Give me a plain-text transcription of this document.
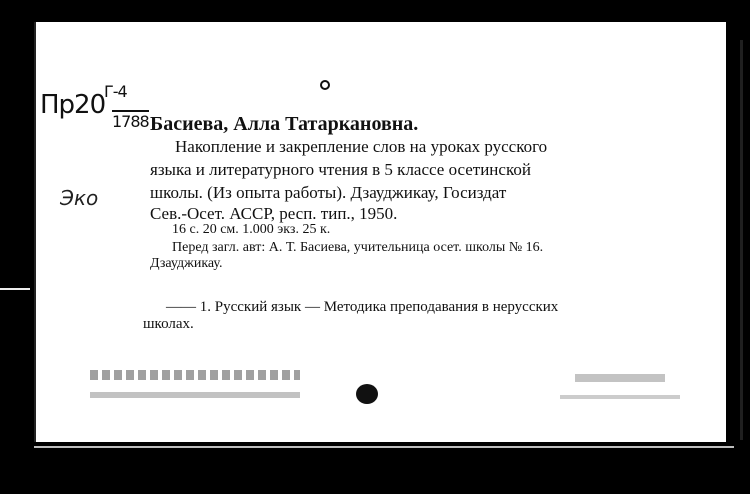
Пр20
Г-4
1788
Эко
Басиева, Алла Татаркановна.
Накопление и закрепление слов на уроках русского
языка и литературного чтения в 5 классе осетинской
школы. (Из опыта работы). Дзауджикау, Госиздат
Сев.-Осет. АССР, респ. тип., 1950.
16 с. 20 см. 1.000 экз. 25 к.
Перед загл. авт: А. Т. Басиева, учительница осет. школы № 16.
Дзауджикау.
—— 1. Русский язык — Методика преподавания в нерусских
школах.
